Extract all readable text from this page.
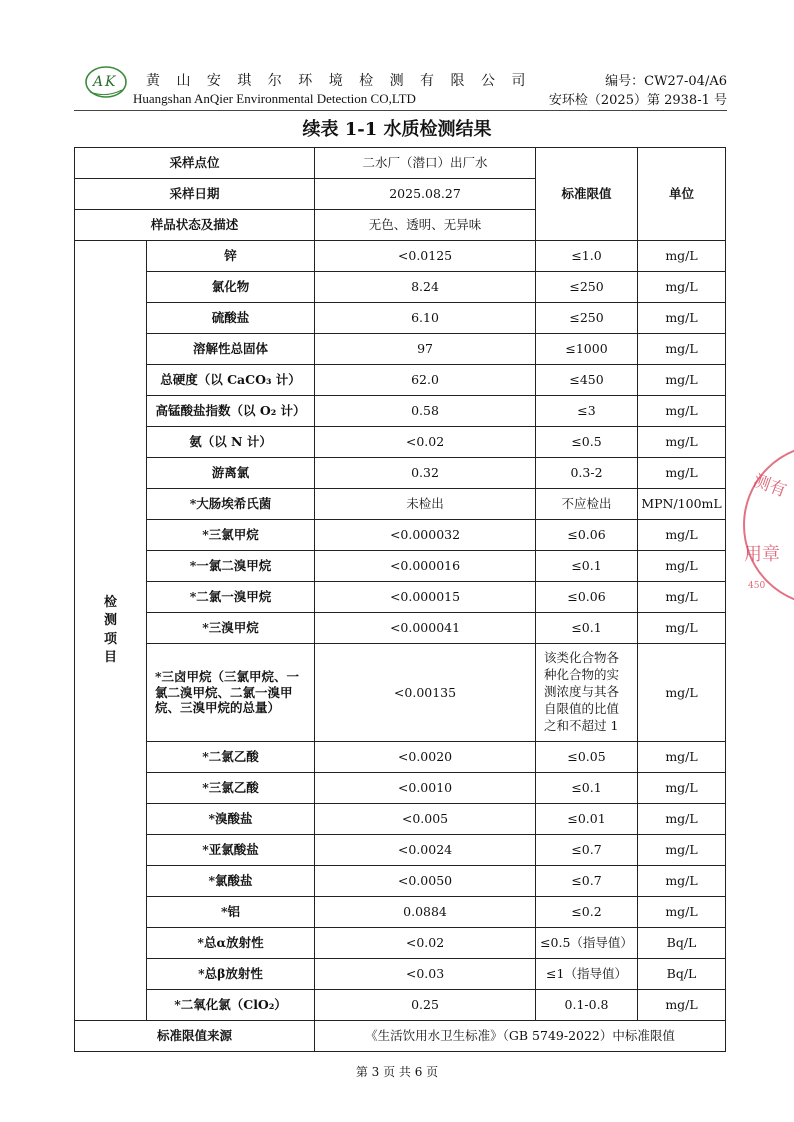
A K 黄 山 安 琪 尔 环 境 检 测 有 限 公 司
Huangshan AnQier Environmental Detection CO,LTD
编号：CW27-04/A6
安环检（2025）第 2938-1 号
续表 1-1 水质检测结果
采样点位		二水厂（潜口）出厂水	标准限值	单位
采样日期		2025.08.27		
样品状态及描述		无色、透明、无异味		
检
测
项
目	锌	<0.0125	≤1.0	mg/L
	氯化物	8.24	≤250	mg/L
	硫酸盐	6.10	≤250	mg/L
	溶解性总固体	97	≤1000	mg/L
	总硬度（以 CaCO₃ 计）	62.0	≤450	mg/L
	高锰酸盐指数（以 O₂ 计）	0.58	≤3	mg/L
	氨（以 N 计）	<0.02	≤0.5	mg/L
	游离氯	0.32	0.3-2	mg/L
	*大肠埃希氏菌	未检出	不应检出	MPN/100mL
	*三氯甲烷	<0.000032	≤0.06	mg/L
	*一氯二溴甲烷	<0.000016	≤0.1	mg/L
	*二氯一溴甲烷	<0.000015	≤0.06	mg/L
	*三溴甲烷	<0.000041	≤0.1	mg/L
	*三卤甲烷（三氯甲烷、一氯二溴甲烷、二氯一溴甲烷、三溴甲烷的总量）	<0.00135	该类化合物各种化合物的实测浓度与其各自限值的比值之和不超过 1	mg/L
	*二氯乙酸	<0.0020	≤0.05	mg/L
	*三氯乙酸	<0.0010	≤0.1	mg/L
	*溴酸盐	<0.005	≤0.01	mg/L
	*亚氯酸盐	<0.0024	≤0.7	mg/L
	*氯酸盐	<0.0050	≤0.7	mg/L
	*铝	0.0884	≤0.2	mg/L
	*总α放射性	<0.02	≤0.5（指导值）	Bq/L
	*总β放射性	<0.03	≤1（指导值）	Bq/L
	*二氧化氯（ClO₂）	0.25	0.1-0.8	mg/L
标准限值来源		《生活饮用水卫生标准》（GB 5749-2022）中标准限值		
测有
用章
450
第 3 页 共 6 页
